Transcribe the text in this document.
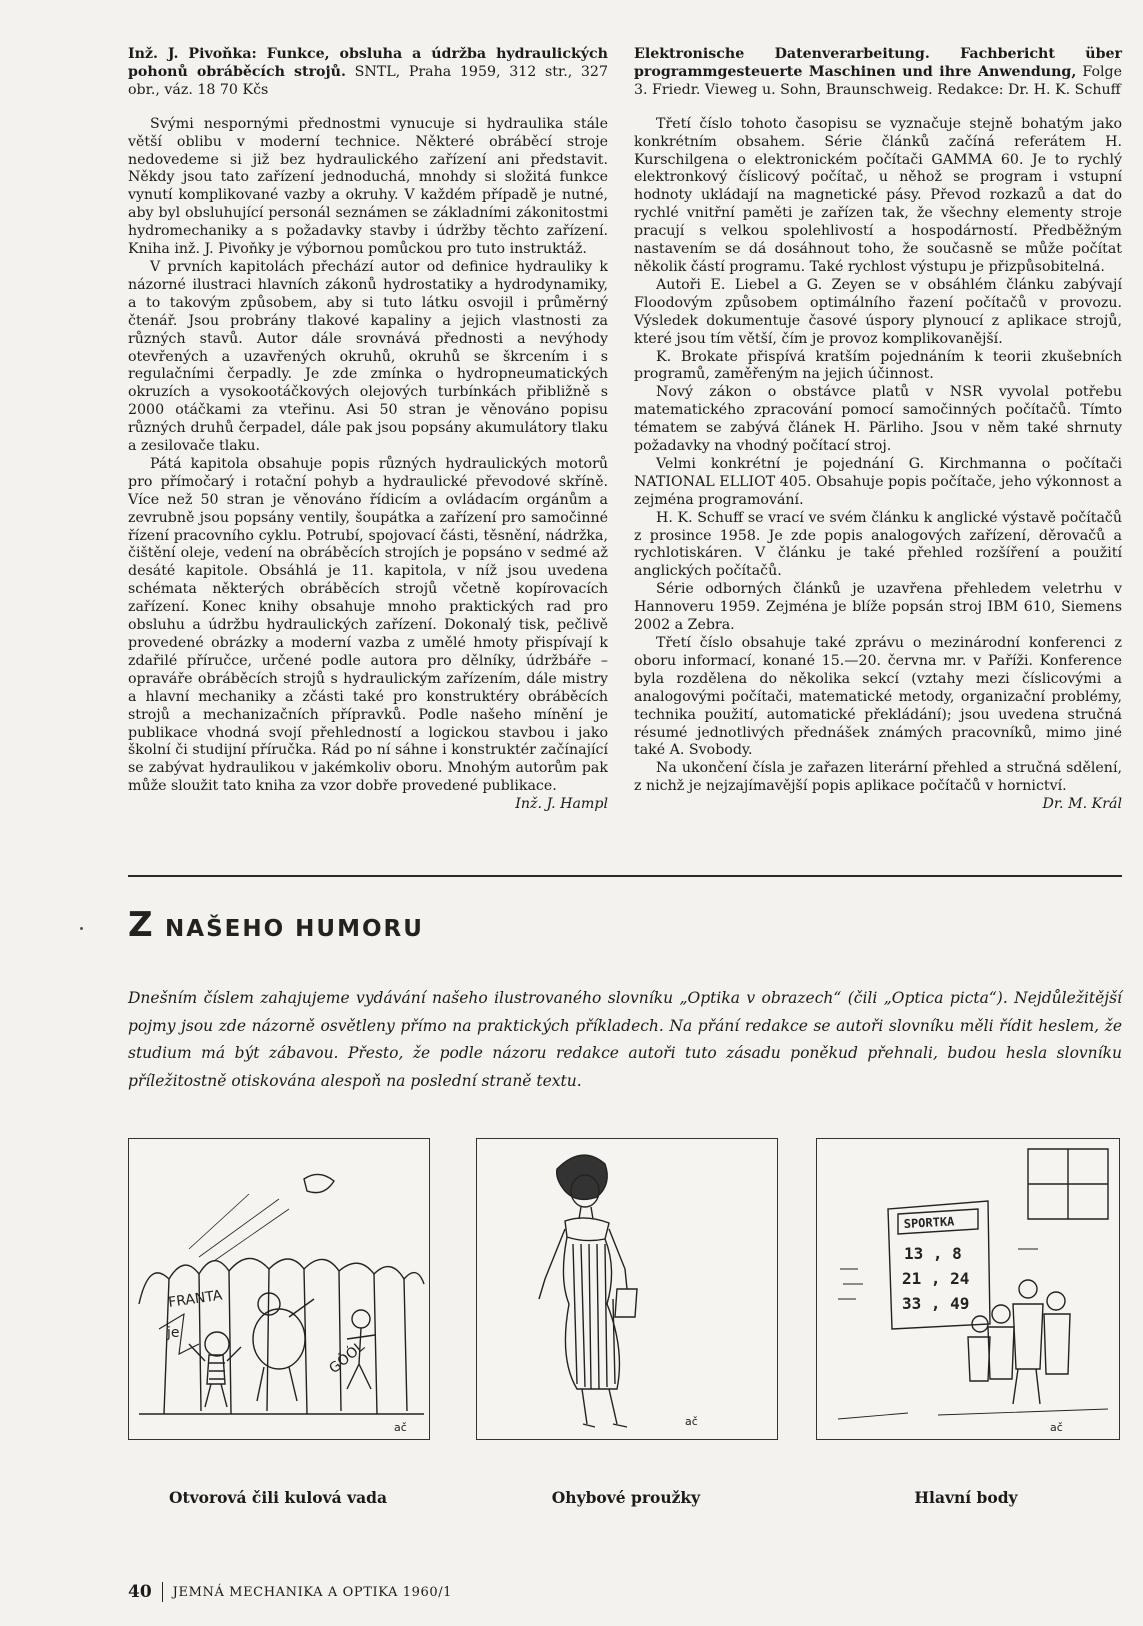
Inž. J. Pivoňka: Funkce, obsluha a údržba hydraulických pohonů obráběcích strojů. SNTL, Praha 1959, 312 str., 327 obr., váz. 18 70 Kčs

Svými nespornými přednostmi vynucuje si hydraulika stále větší oblibu v moderní technice. Některé obráběcí stroje nedovedeme si již bez hydraulického zařízení ani představit. Někdy jsou tato zařízení jednoduchá, mnohdy si složitá funkce vynutí komplikované vazby a okruhy. V každém případě je nutné, aby byl obsluhující personál seznámen se základními zákonitostmi hydromechaniky a s požadavky stavby i údržby těchto zařízení. Kniha inž. J. Pivoňky je výbornou pomůckou pro tuto instruktáž.

V prvních kapitolách přechází autor od definice hydrauliky k názorné ilustraci hlavních zákonů hydrostatiky a hydrodynamiky, a to takovým způsobem, aby si tuto látku osvojil i průměrný čtenář. Jsou probrány tlakové kapaliny a jejich vlastnosti za různých stavů. Autor dále srovnává přednosti a nevýhody otevřených a uzavřených okruhů, okruhů se škrcením i s regulačními čerpadly. Je zde zmínka o hydropneumatických okruzích a vysokootáčkových olejových turbínkách přibližně s 2000 otáčkami za vteřinu. Asi 50 stran je věnováno popisu různých druhů čerpadel, dále pak jsou popsány akumulátory tlaku a zesilovače tlaku.

Pátá kapitola obsahuje popis různých hydraulických motorů pro přímočarý i rotační pohyb a hydraulické převodové skříně. Více než 50 stran je věnováno řídicím a ovládacím orgánům a zevrubně jsou popsány ventily, šoupátka a zařízení pro samočinné řízení pracovního cyklu. Potrubí, spojovací části, těsnění, nádržka, čištění oleje, vedení na obráběcích strojích je popsáno v sedmé až desáté kapitole. Obsáhlá je 11. kapitola, v níž jsou uvedena schémata některých obráběcích strojů včetně kopírovacích zařízení. Konec knihy obsahuje mnoho praktických rad pro obsluhu a údržbu hydraulických zařízení. Dokonalý tisk, pečlivě provedené obrázky a moderní vazba z umělé hmoty přispívají k zdařilé příručce, určené podle autora pro dělníky, údržbáře – opraváře obráběcích strojů s hydraulickým zařízením, dále mistry a hlavní mechaniky a zčásti také pro konstruktéry obráběcích strojů a mechanizačních přípravků. Podle našeho mínění je publikace vhodná svojí přehledností a logickou stavbou i jako školní či studijní příručka. Rád po ní sáhne i konstruktér začínající se zabývat hydraulikou v jakémkoliv oboru. Mnohým autorům pak může sloužit tato kniha za vzor dobře provedené publikace.
Inž. J. Hampl

Elektronische Datenverarbeitung. Fachbericht über programmgesteuerte Maschinen und ihre Anwendung, Folge 3. Friedr. Vieweg u. Sohn, Braunschweig. Redakce: Dr. H. K. Schuff

Třetí číslo tohoto časopisu se vyznačuje stejně bohatým jako konkrétním obsahem. Série článků začíná referátem H. Kurschilgena o elektronickém počítači GAMMA 60. Je to rychlý elektronkový číslicový počítač, u něhož se program i vstupní hodnoty ukládají na magnetické pásy. Převod rozkazů a dat do rychlé vnitřní paměti je zařízen tak, že všechny elementy stroje pracují s velkou spolehlivostí a hospodárností. Předběžným nastavením se dá dosáhnout toho, že současně se může počítat několik částí programu. Také rychlost výstupu je přizpůsobitelná.

Autoři E. Liebel a G. Zeyen se v obsáhlém článku zabývají Floodovým způsobem optimálního řazení počítačů v provozu. Výsledek dokumentuje časové úspory plynoucí z aplikace strojů, které jsou tím větší, čím je provoz komplikovanější.

K. Brokate přispívá kratším pojednáním k teorii zkušebních programů, zaměřeným na jejich účinnost.

Nový zákon o obstávce platů v NSR vyvolal potřebu matematického zpracování pomocí samočinných počítačů. Tímto tématem se zabývá článek H. Pärliho. Jsou v něm také shrnuty požadavky na vhodný počítací stroj.

Velmi konkrétní je pojednání G. Kirchmanna o počítači NATIONAL ELLIOT 405. Obsahuje popis počítače, jeho výkonnost a zejména programování.

H. K. Schuff se vrací ve svém článku k anglické výstavě počítačů z prosince 1958. Je zde popis analogových zařízení, děrovačů a rychlotiskáren. V článku je také přehled rozšíření a použití anglických počítačů.

Série odborných článků je uzavřena přehledem veletrhu v Hannoveru 1959. Zejména je blíže popsán stroj IBM 610, Siemens 2002 a Zebra.

Třetí číslo obsahuje také zprávu o mezinárodní konferenci z oboru informací, konané 15.—20. června mr. v Paříži. Konference byla rozdělena do několika sekcí (vztahy mezi číslicovými a analogovými počítači, matematické metody, organizační problémy, technika použití, automatické překládání); jsou uvedena stručná résumé jednotlivých přednášek známých pracovníků, mimo jiné také A. Svobody.

Na ukončení čísla je zařazen literární přehled a stručná sdělení, z nichž je nejzajímavější popis aplikace počítačů v hornictví.

Dr. M. Král

Z NAŠEHO HUMORU

Dnešním číslem zahajujeme vydávání našeho ilustrovaného slovníku „Optika v obrazech“ (čili „Optica picta“). Nejdůležitější pojmy jsou zde názorně osvětleny přímo na praktických příkladech. Na přání redakce se autoři slovníku měli řídit heslem, že studium má být zábavou. Přesto, že podle názoru redakce autoři tuto zásadu poněkud přehnali, budou hesla slovníku příležitostně otiskována alespoň na poslední straně textu.

FRANTA
je
GÓÓL
ač	ač
SPORTKA
13 , 8
21 , 24
33 , 49
ač

Otvorová čili kulová vada	Ohybové proužky	Hlavní body

40 JEMNÁ MECHANIKA A OPTIKA 1960/1
